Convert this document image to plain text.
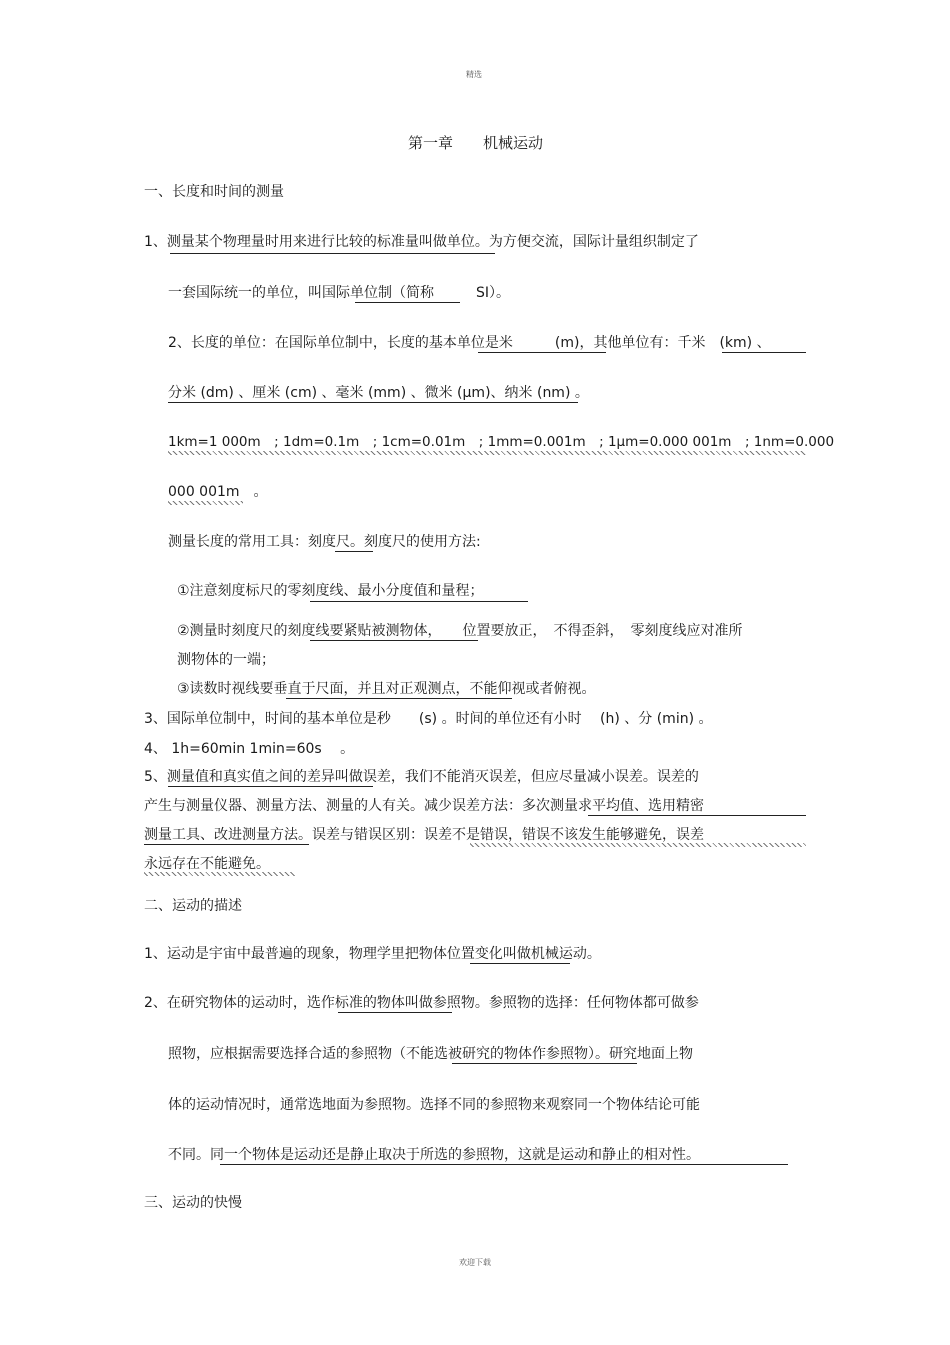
精选
第一章　　机械运动
一、长度和时间的测量
1、测量某个物理量时用来进行比较的标准量叫做单位。为方便交流，国际计量组织制定了
一套国际统一的单位，叫国际单位制（简称　　　SI）。
2、长度的单位：在国际单位制中，长度的基本单位是米　　　(m)，其他单位有：千米　(km) 、
分米 (dm) 、厘米 (cm) 、毫米 (mm) 、微米 (μm)、纳米 (nm) 。
1km=1 000m　; 1dm=0.1m　; 1cm=0.01m　; 1mm=0.001m　; 1μm=0.000 001m　; 1nm=0.000
000 001m　。
测量长度的常用工具：刻度尺。刻度尺的使用方法:
①注意刻度标尺的零刻度线、最小分度值和量程；
②测量时刻度尺的刻度线要紧贴被测物体，　　位置要放正，　不得歪斜，　零刻度线应对准所
测物体的一端；
③读数时视线要垂直于尺面，并且对正观测点，不能仰视或者俯视。
3、国际单位制中，时间的基本单位是秒　　(s) 。时间的单位还有小时　 (h) 、分 (min) 。
4、 1h=60min 1min=60s　 。
5、测量值和真实值之间的差异叫做误差，我们不能消灭误差，但应尽量减小误差。误差的
产生与测量仪器、测量方法、测量的人有关。减少误差方法：多次测量求平均值、选用精密
测量工具、改进测量方法。误差与错误区别：误差不是错误，错误不该发生能够避免，误差
永远存在不能避免。
二、运动的描述
1、运动是宇宙中最普遍的现象，物理学里把物体位置变化叫做机械运动。
2、在研究物体的运动时，选作标准的物体叫做参照物。参照物的选择：任何物体都可做参
照物，应根据需要选择合适的参照物（不能选被研究的物体作参照物）。研究地面上物
体的运动情况时，通常选地面为参照物。选择不同的参照物来观察同一个物体结论可能
不同。同一个物体是运动还是静止取决于所选的参照物，这就是运动和静止的相对性。
三、运动的快慢
欢迎下载
